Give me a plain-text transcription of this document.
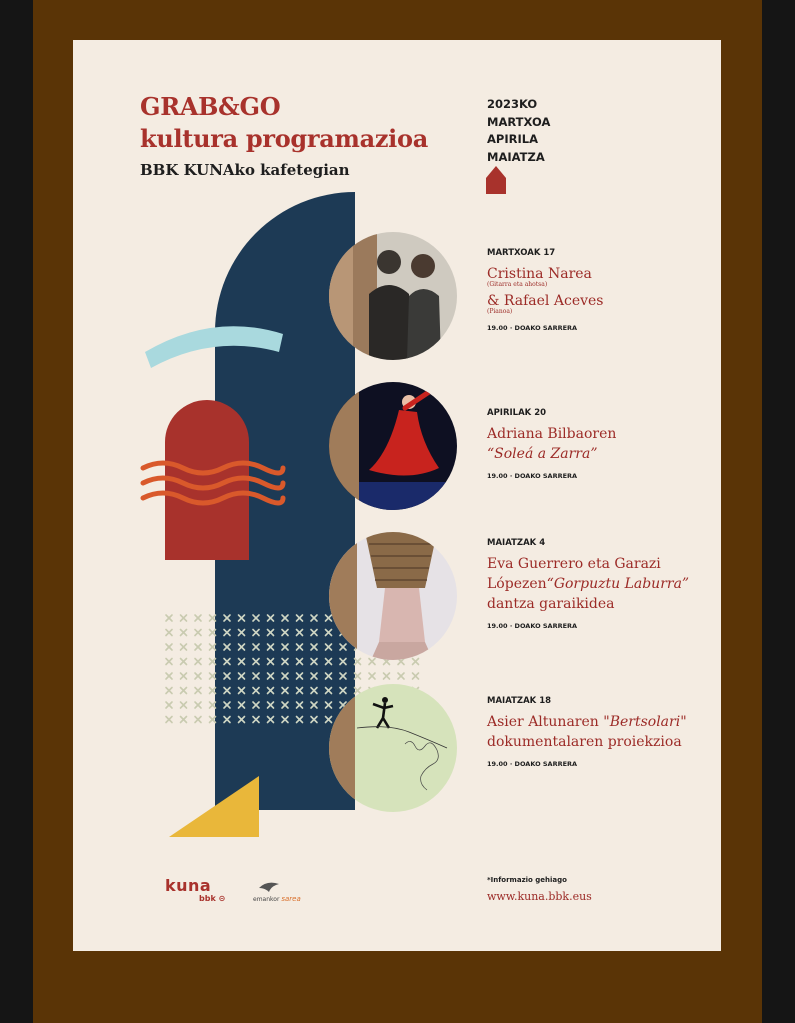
GRAB&GO
kultura programazioa
BBK KUNAko kafetegian
2023KO
MARTXOA
APIRILA
MAIATZA
MARTXOAK 17
Cristina Narea
(Gitarra eta ahotsa)
& Rafael Aceves
(Pianoa)
19.00 · DOAKO SARRERA
APIRILAK 20
Adriana Bilbaoren
“Soleá a Zarra”
19.00 · DOAKO SARRERA
MAIATZAK 4
Eva Guerrero eta Garazi
Lópezen“Gorpuztu Laburra”
dantza garaikidea
19.00 · DOAKO SARRERA
MAIATZAK 18
Asier Altunaren "Bertsolari"
dokumentalaren proiekzioa
19.00 · DOAKO SARRERA
kuna
bbk ⊝	emankor sarea
*Informazio gehiago
www.kuna.bbk.eus
